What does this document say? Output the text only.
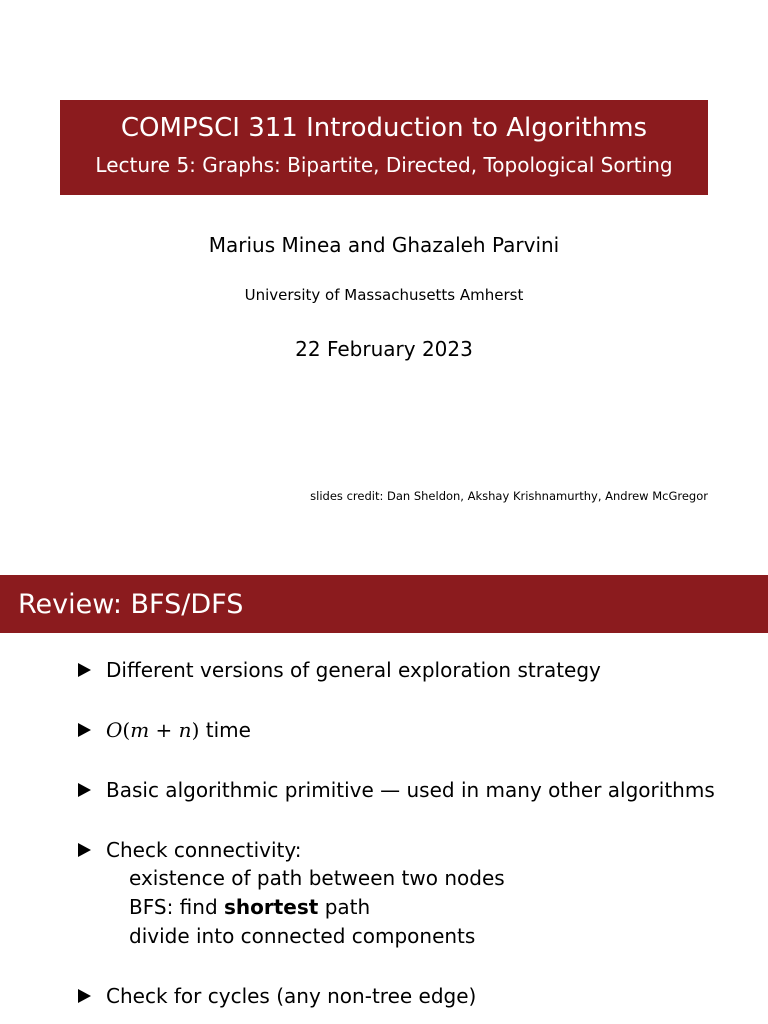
COMPSCI 311 Introduction to Algorithms
Lecture 5: Graphs: Bipartite, Directed, Topological Sorting
Marius Minea and Ghazaleh Parvini
University of Massachusetts Amherst
22 February 2023
slides credit: Dan Sheldon, Akshay Krishnamurthy, Andrew McGregor
Review: BFS/DFS
Different versions of general exploration strategy
O(m + n) time
Basic algorithmic primitive — used in many other algorithms
Check connectivity:
existence of path between two nodes
BFS: find shortest path
divide into connected components
Check for cycles (any non-tree edge)
